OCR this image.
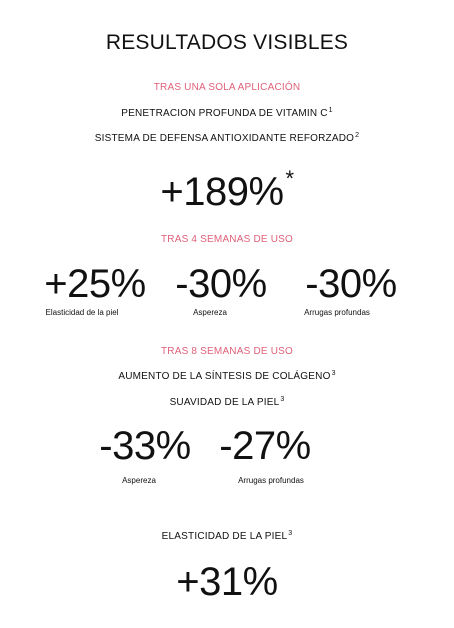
RESULTADOS VISIBLES
TRAS UNA SOLA APLICACIÓN
PENETRACION PROFUNDA DE VITAMIN $C^1$
SISTEMA DE DEFENSA ANTIOXIDANTE $REFORZADO^2$
+189%*
TRAS 4 SEMANAS DE USO
+25%
Elasticidad de la piel
-30%
Aspereza
-30%
Arrugas profundas
TRAS 8 SEMANAS DE USO
AUMENTO DE LA SÍNTESIS DE COLÁGENO$^3$
SUAVIDAD DE LA PIEL$^3$
-33%
Aspereza
-27%
Arrugas profundas
ELASTICIDAD DE LA $PIEL^3$
+31%
